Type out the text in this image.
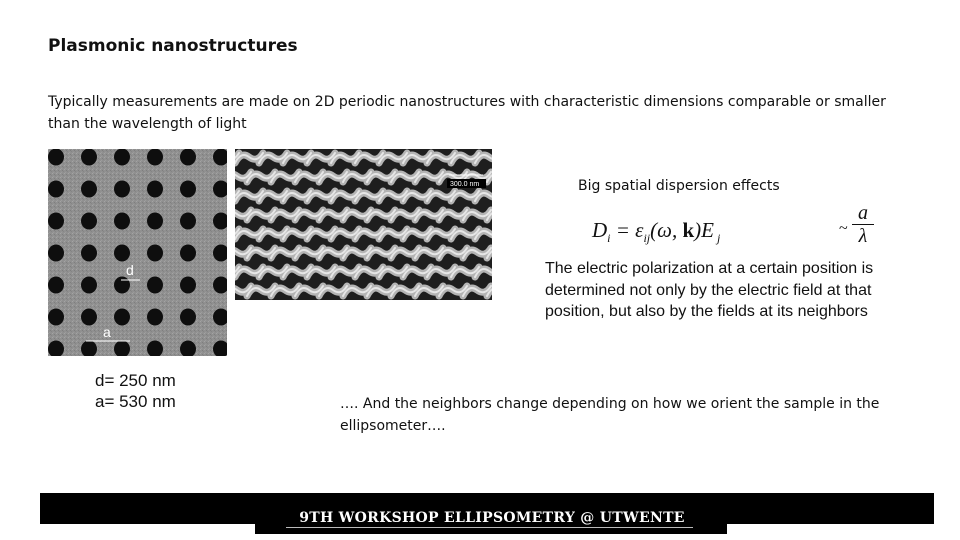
Plasmonic nanostructures
Typically measurements are made on 2D periodic nanostructures with characteristic dimensions comparable or smaller than the wavelength of light
d
a
300.0 nm
d= 250 nm
a= 530 nm
Big spatial dispersion effects
$D_i = \varepsilon_{ij}(\omega$, k)E $_j$
~ $\frac{a}{\lambda}$
The electric polarization at a certain position is determined not only by the electric field at that position, but also by the fields at its neighbors
…. And the neighbors change depending on how we orient the sample in the ellipsometer….
9TH WORKSHOP ELLIPSOMETRY @ UTWENTE
